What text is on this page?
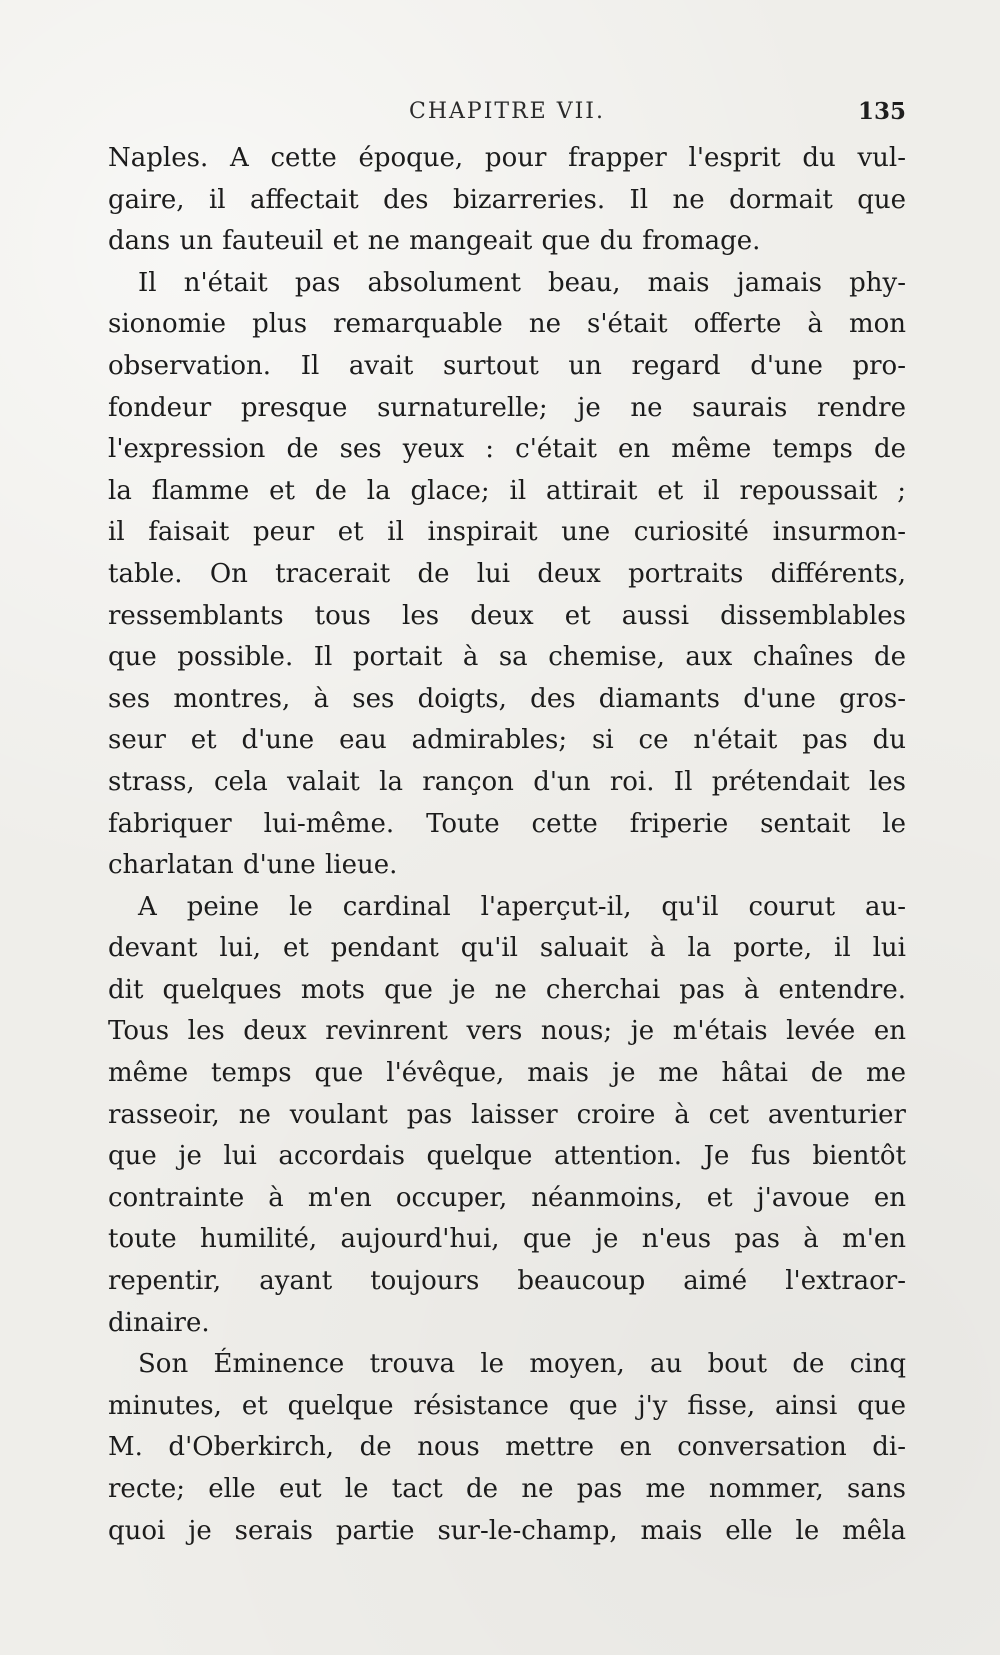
CHAPITRE VII.	135
Naples. A cette époque, pour frapper l'esprit du vul-
gaire, il affectait des bizarreries. Il ne dormait que
dans un fauteuil et ne mangeait que du fromage.
Il n'était pas absolument beau, mais jamais phy-
sionomie plus remarquable ne s'était offerte à mon
observation. Il avait surtout un regard d'une pro-
fondeur presque surnaturelle; je ne saurais rendre
l'expression de ses yeux : c'était en même temps de
la flamme et de la glace; il attirait et il repoussait ;
il faisait peur et il inspirait une curiosité insurmon-
table. On tracerait de lui deux portraits différents,
ressemblants tous les deux et aussi dissemblables
que possible. Il portait à sa chemise, aux chaînes de
ses montres, à ses doigts, des diamants d'une gros-
seur et d'une eau admirables; si ce n'était pas du
strass, cela valait la rançon d'un roi. Il prétendait les
fabriquer lui-même. Toute cette friperie sentait le
charlatan d'une lieue.
A peine le cardinal l'aperçut-il, qu'il courut au-
devant lui, et pendant qu'il saluait à la porte, il lui
dit quelques mots que je ne cherchai pas à entendre.
Tous les deux revinrent vers nous; je m'étais levée en
même temps que l'évêque, mais je me hâtai de me
rasseoir, ne voulant pas laisser croire à cet aventurier
que je lui accordais quelque attention. Je fus bientôt
contrainte à m'en occuper, néanmoins, et j'avoue en
toute humilité, aujourd'hui, que je n'eus pas à m'en
repentir, ayant toujours beaucoup aimé l'extraor-
dinaire.
Son Éminence trouva le moyen, au bout de cinq
minutes, et quelque résistance que j'y fisse, ainsi que
M. d'Oberkirch, de nous mettre en conversation di-
recte; elle eut le tact de ne pas me nommer, sans
quoi je serais partie sur-le-champ, mais elle le mêla
